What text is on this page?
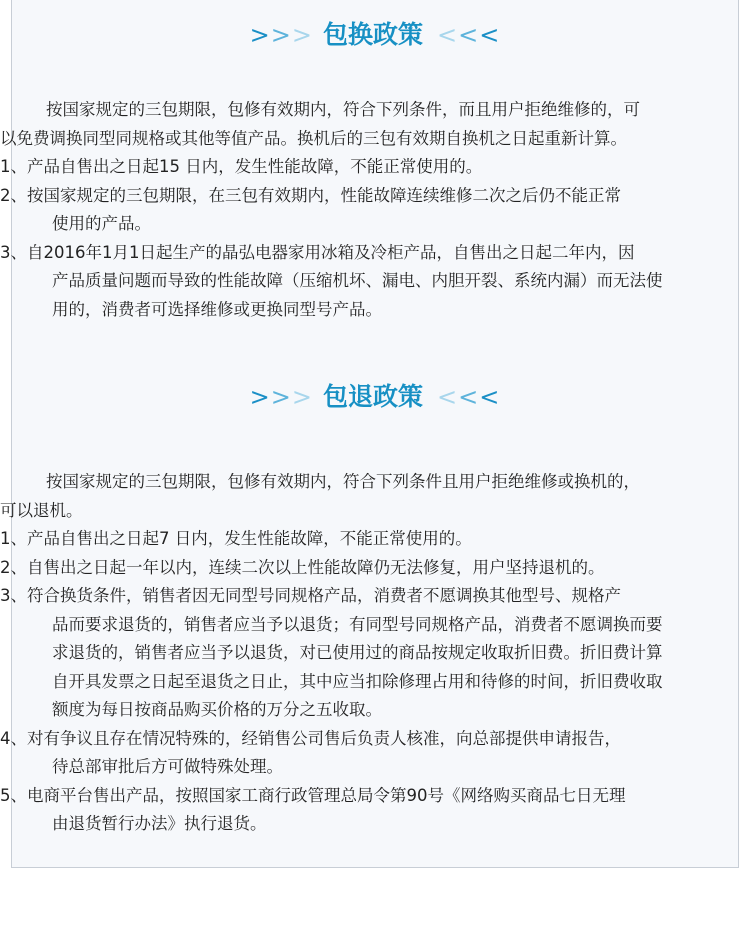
>>> 包换政策 <<<

按国家规定的三包期限，包修有效期内，符合下列条件，而且用户拒绝维修的，可
以免费调换同型同规格或其他等值产品。换机后的三包有效期自换机之日起重新计算。

1、产品自售出之日起15 日内，发生性能故障，不能正常使用的。

2、按国家规定的三包期限，在三包有效期内，性能故障连续维修二次之后仍不能正常
使用的产品。

3、自2016年1月1日起生产的晶弘电器家用冰箱及冷柜产品，自售出之日起二年内，因
产品质量问题而导致的性能故障（压缩机坏、漏电、内胆开裂、系统内漏）而无法使
用的，消费者可选择维修或更换同型号产品。

>>> 包退政策 <<<

按国家规定的三包期限，包修有效期内，符合下列条件且用户拒绝维修或换机的，
可以退机。

1、产品自售出之日起7 日内，发生性能故障，不能正常使用的。

2、自售出之日起一年以内，连续二次以上性能故障仍无法修复，用户坚持退机的。

3、符合换货条件，销售者因无同型号同规格产品，消费者不愿调换其他型号、规格产
品而要求退货的，销售者应当予以退货；有同型号同规格产品，消费者不愿调换而要
求退货的，销售者应当予以退货，对已使用过的商品按规定收取折旧费。折旧费计算
自开具发票之日起至退货之日止，其中应当扣除修理占用和待修的时间，折旧费收取
额度为每日按商品购买价格的万分之五收取。

4、对有争议且存在情况特殊的，经销售公司售后负责人核准，向总部提供申请报告，
待总部审批后方可做特殊处理。

5、电商平台售出产品，按照国家工商行政管理总局令第90号《网络购买商品七日无理
由退货暂行办法》执行退货。
